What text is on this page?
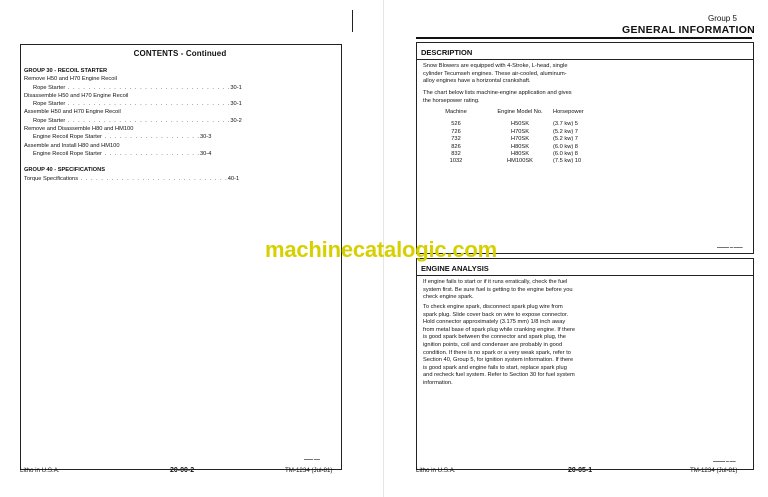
CONTENTS - Continued
GROUP 30 - RECOIL STARTER
Remove H50 and H70 Engine Recoil
Rope Starter . . . . . . . . . . . . . . . . . . . . . . . . . . . . . . . . 30-1
Disassemble H50 and H70 Engine Recoil
Rope Starter . . . . . . . . . . . . . . . . . . . . . . . . . . . . . . . . 30-1
Assemble H50 and H70 Engine Recoil
Rope Starter . . . . . . . . . . . . . . . . . . . . . . . . . . . . . . . . 30-2
Remove and Disassemble H80 and HM100
Engine Recoil Rope Starter . . . . . . . . . . . . . . . . . . . 30-3
Assemble and Install H80 and HM100
Engine Recoil Rope Starter . . . . . . . . . . . . . . . . . . . 30-4
GROUP 40 - SPECIFICATIONS
Torque Specifications . . . . . . . . . . . . . . . . . . . . . . . . . . . . . 40-1
▬▬▬ ▬▬
Litho in U.S.A.	20-00-2	TM-1234 (Jul-81)
Group 5
GENERAL INFORMATION
DESCRIPTION
Snow Blowers are equipped with 4-Stroke, L-head, single
cylinder Tecumseh engines. These air-cooled, aluminum-
alloy engines have a horizontal crankshaft.
The chart below lists machine-engine application and gives
the horsepower rating.
Machine	Engine Model No.	Horsepower
526	H50SK	(3.7 kw) 5
726	H70SK	(5.2 kw) 7
732	H70SK	(5.2 kw) 7
826	H80SK	(6.0 kw) 8
832	H80SK	(6.0 kw) 8
1032	HM100SK	(7.5 kw) 10
▬▬▬▬ ▬ ▬▬▬
ENGINE ANALYSIS
If engine fails to start or if it runs erratically, check the fuel
system first. Be sure fuel is getting to the engine before you
check engine spark.
To check engine spark, disconnect spark plug wire from
spark plug. Slide cover back on wire to expose connector.
Hold connector approximately (3.175 mm) 1/8 inch away
from metal base of spark plug while cranking engine. If there
is good spark between the connector and spark plug, the
ignition points, coil and condenser are probably in good
condition. If there is no spark or a very weak spark, refer to
Section 40, Group 5, for ignition system information. If there
is good spark and engine fails to start, replace spark plug
and recheck fuel system. Refer to Section 30 for fuel system
information.
▬▬▬▬ ▬ ▬▬
Litho in U.S.A.	20-05-1	TM-1234 (Jul-81)
machinecatalogic.com
